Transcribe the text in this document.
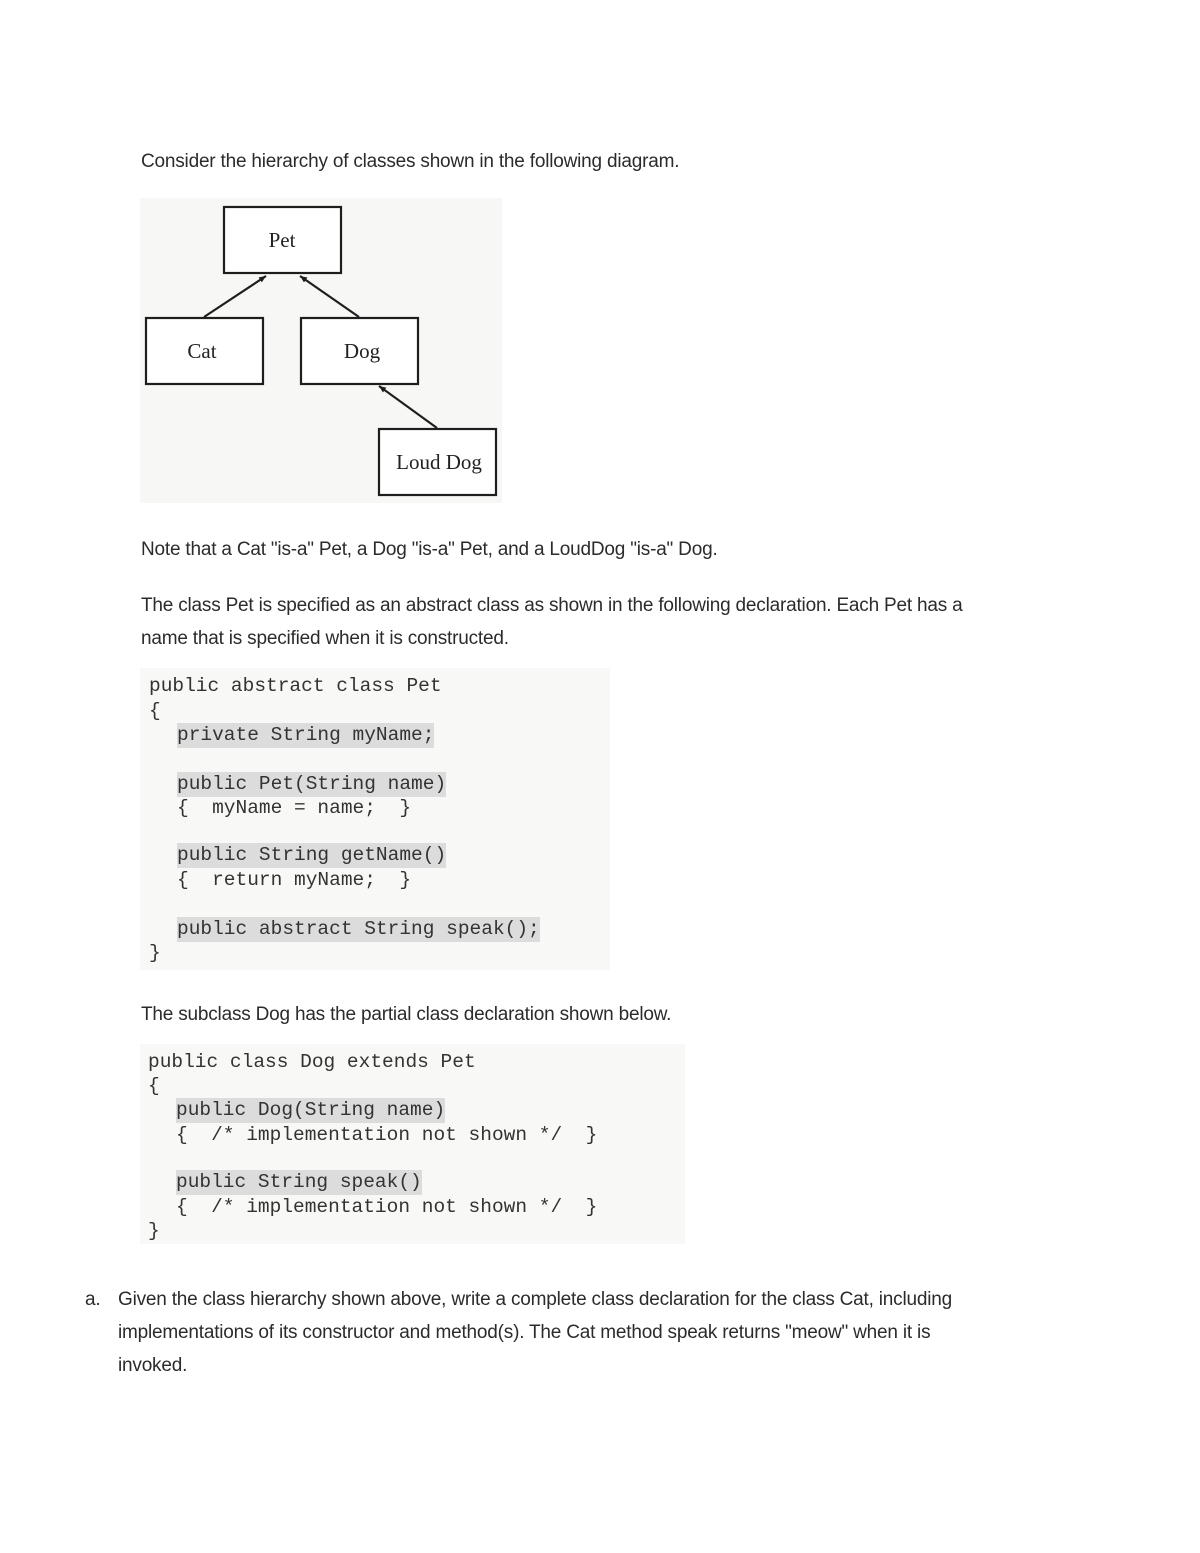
Consider the hierarchy of classes shown in the following diagram.

Pet
Cat	Dog
Loud Dog

Note that a Cat "is-a" Pet, a Dog "is-a" Pet, and a LoudDog "is-a" Dog.

The class Pet is specified as an abstract class as shown in the following declaration. Each Pet has a

name that is specified when it is constructed.

public abstract class Pet

{

private String myName;

public Pet(String name)

{  myName = name;  }

public String getName()

{  return myName;  }

public abstract String speak();

}

The subclass Dog has the partial class declaration shown below.

public class Dog extends Pet

{

public Dog(String name)

{  /* implementation not shown */  }

public String speak()

{  /* implementation not shown */  }

}

a. Given the class hierarchy shown above, write a complete class declaration for the class Cat, including
implementations of its constructor and method(s). The Cat method speak returns "meow" when it is
invoked.
